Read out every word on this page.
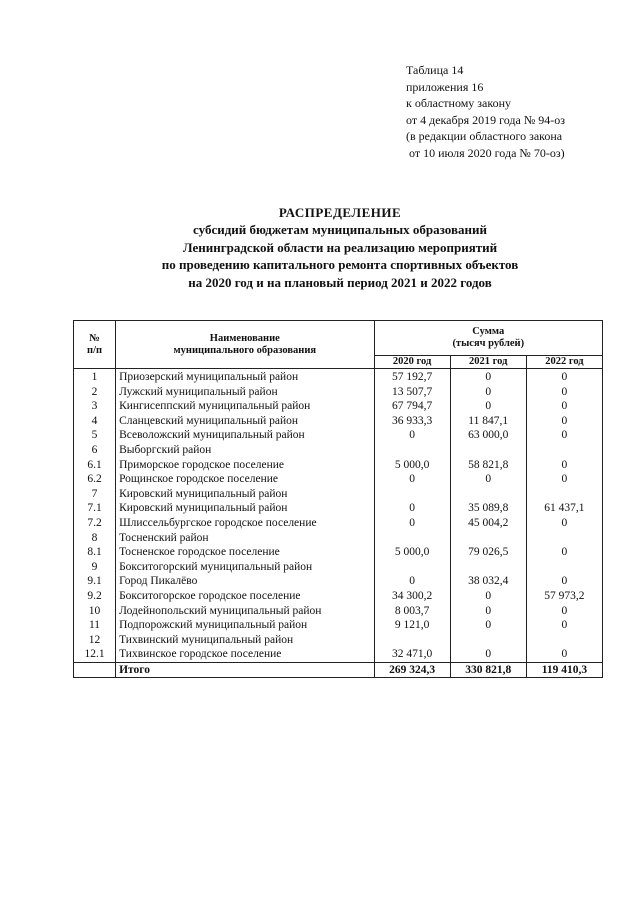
Таблица 14
приложения 16
к областному закону
от 4 декабря 2019 года № 94-оз
(в редакции областного закона
от 10 июля 2020 года № 70-оз)
РАСПРЕДЕЛЕНИЕ
субсидий бюджетам муниципальных образований
Ленинградской области на реализацию мероприятий
по проведению капитального ремонта спортивных объектов
на 2020 год и на плановый период 2021 и 2022 годов
№
п/п	Наименование
муниципального образования	Сумма
(тысяч рублей)		
		2020 год	2021 год	2022 год
1	Приозерский муниципальный район	57 192,7	0	0
2	Лужский муниципальный район	13 507,7	0	0
3	Кингисеппский муниципальный район	67 794,7	0	0
4	Сланцевский муниципальный район	36 933,3	11 847,1	0
5	Всеволожский муниципальный район	0	63 000,0	0
6	Выборгский район			
6.1	Приморское городское поселение	5 000,0	58 821,8	0
6.2	Рощинское городское поселение	0	0	0
7	Кировский муниципальный район			
7.1	Кировский муниципальный район	0	35 089,8	61 437,1
7.2	Шлиссельбургское городское поселение	0	45 004,2	0
8	Тосненский район			
8.1	Тосненское городское поселение	5 000,0	79 026,5	0
9	Бокситогорский муниципальный район			
9.1	Город Пикалёво	0	38 032,4	0
9.2	Бокситогорское городское поселение	34 300,2	0	57 973,2
10	Лодейнопольский муниципальный район	8 003,7	0	0
11	Подпорожский муниципальный район	9 121,0	0	0
12	Тихвинский муниципальный район			
12.1	Тихвинское городское поселение	32 471,0	0	0
	Итого	269 324,3	330 821,8	119 410,3
